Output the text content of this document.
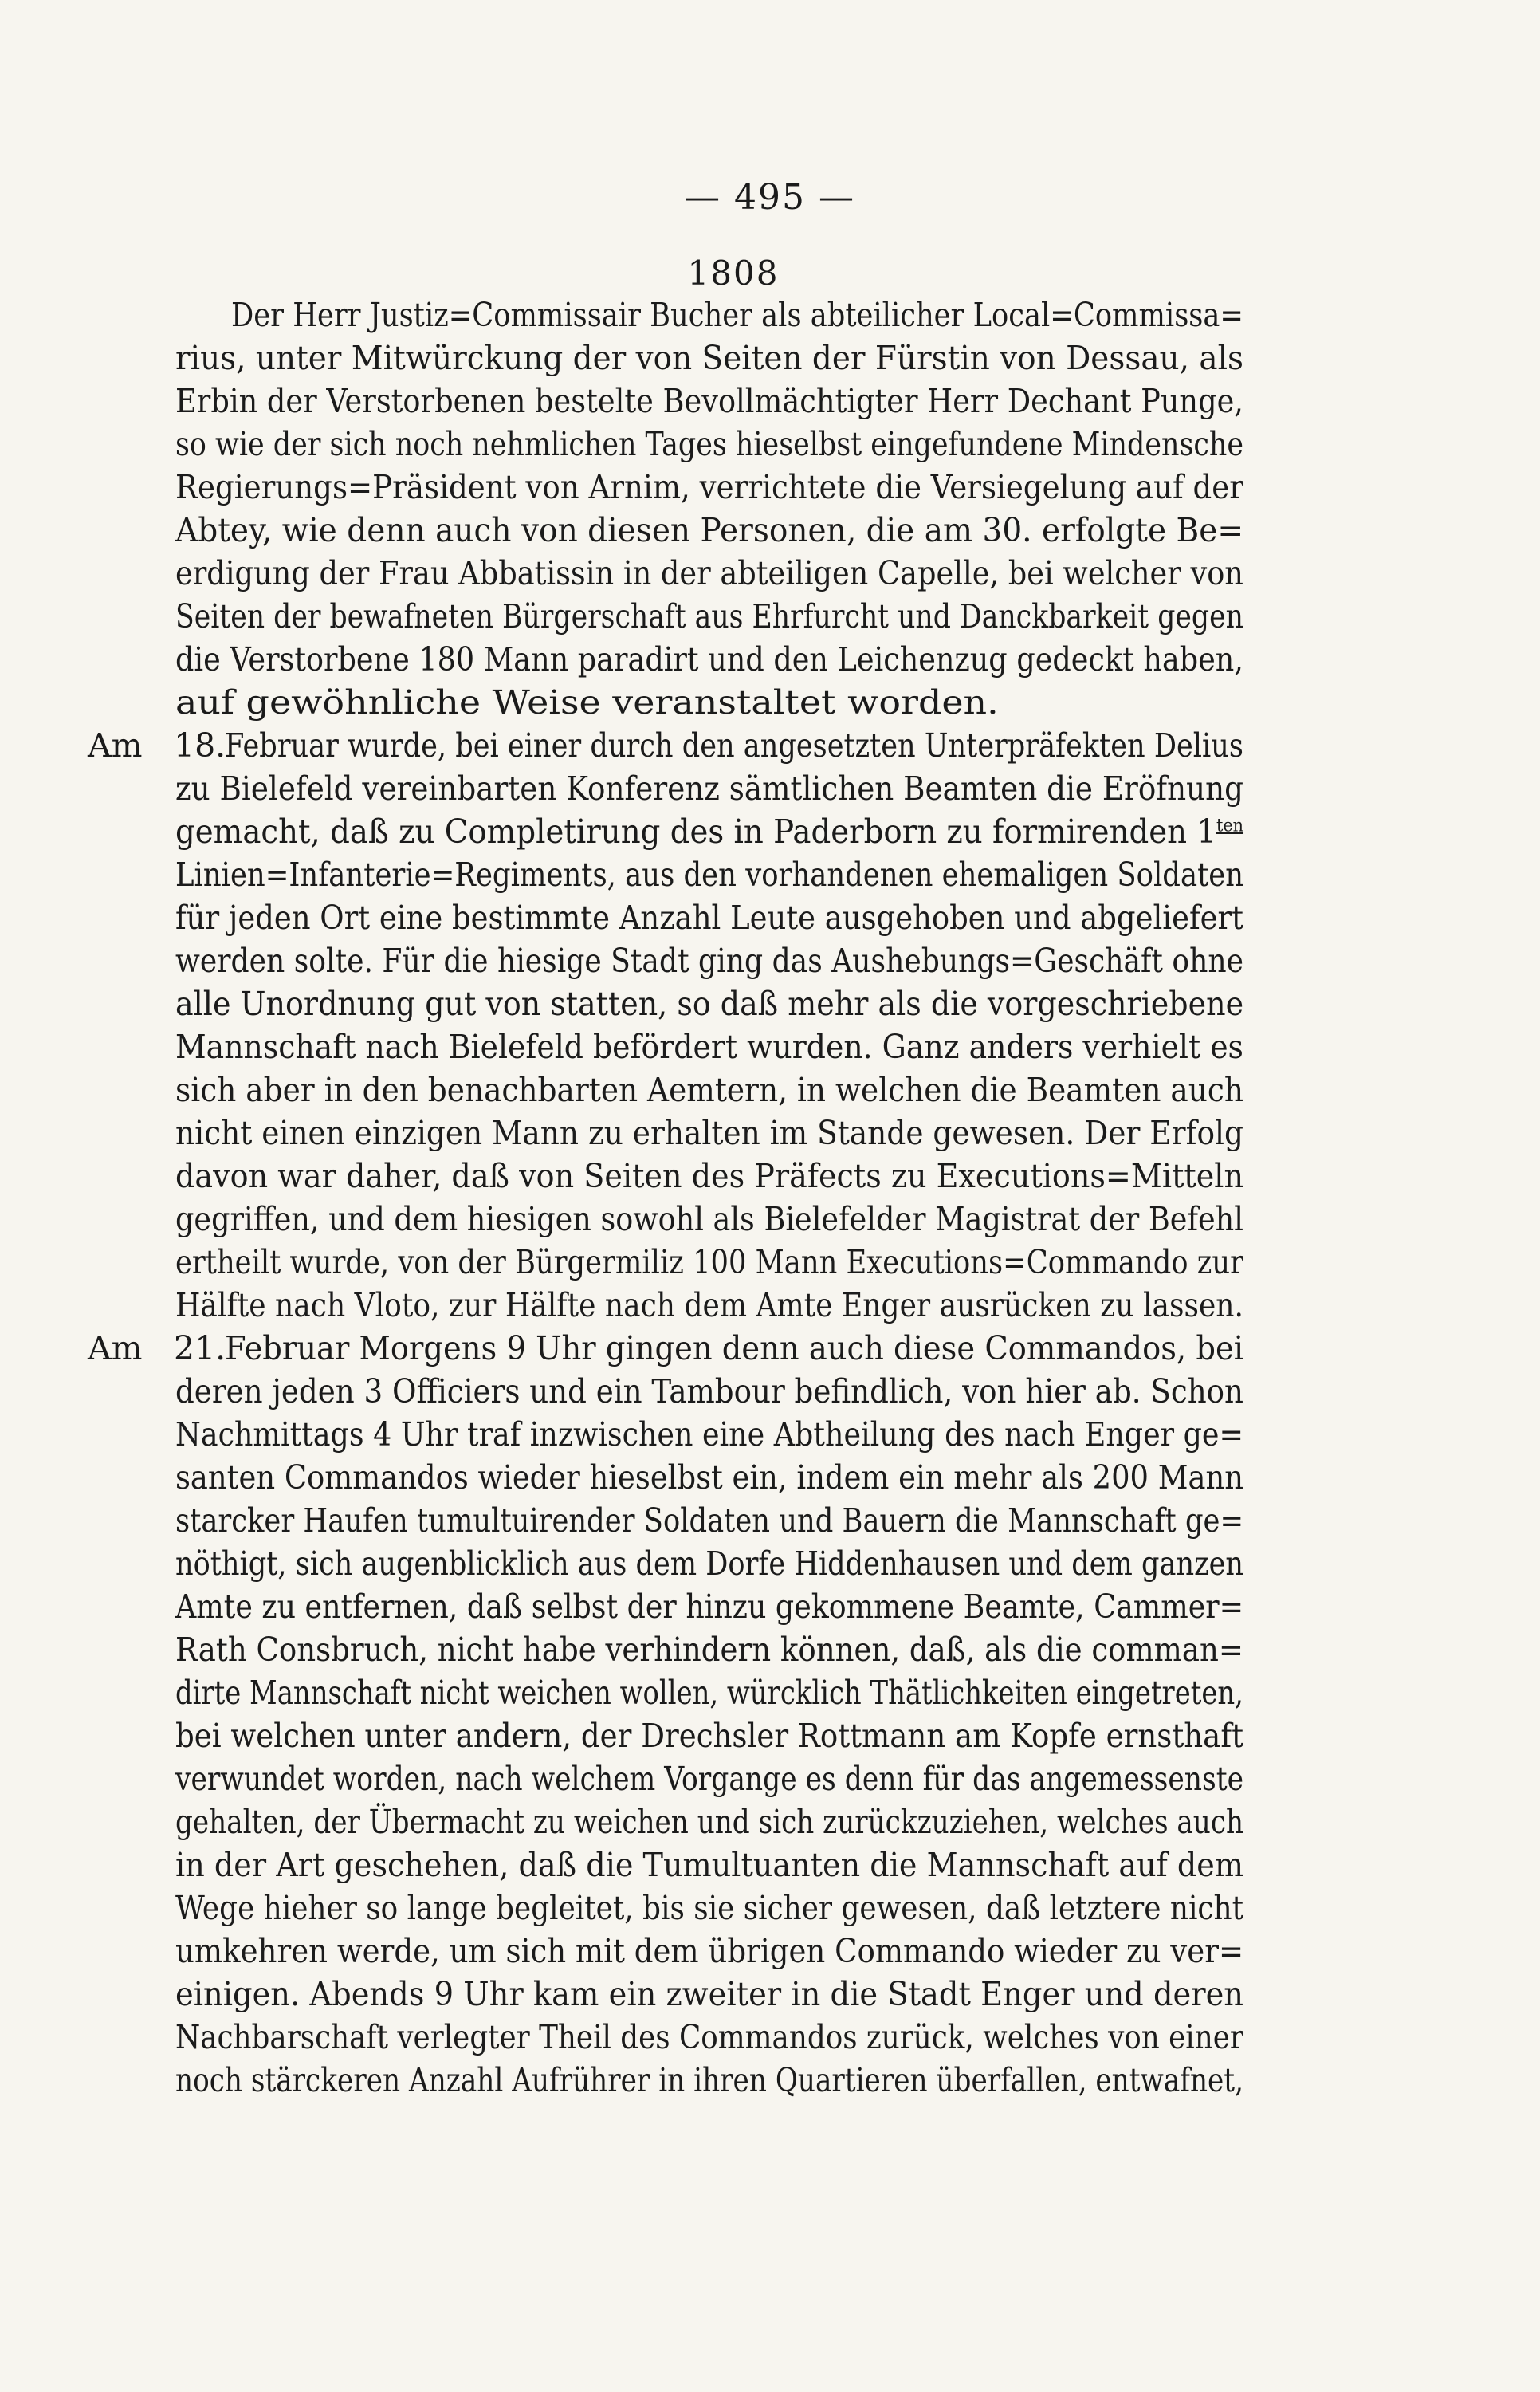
— 495 —
1808
Der Herr Justiz=Commissair Bucher als abteilicher Local=Commissa=
rius, unter Mitwürckung der von Seiten der Fürstin von Dessau, als
Erbin der Verstorbenen bestelte Bevollmächtigter Herr Dechant Punge,
so wie der sich noch nehmlichen Tages hieselbst eingefundene Mindensche
Regierungs=Präsident von Arnim, verrichtete die Versiegelung auf der
Abtey, wie denn auch von diesen Personen, die am 30. erfolgte Be=
erdigung der Frau Abbatissin in der abteiligen Capelle, bei welcher von
Seiten der bewafneten Bürgerschaft aus Ehrfurcht und Danckbarkeit gegen
die Verstorbene 180 Mann paradirt und den Leichenzug gedeckt haben,
auf gewöhnliche Weise veranstaltet worden.
Am 18.
Februar wurde, bei einer durch den angesetzten Unterpräfekten Delius
zu Bielefeld vereinbarten Konferenz sämtlichen Beamten die Eröfnung
gemacht, daß zu Completirung des in Paderborn zu formirenden $1^{ten}$
Linien=Infanterie=Regiments, aus den vorhandenen ehemaligen Soldaten
für jeden Ort eine bestimmte Anzahl Leute ausgehoben und abgeliefert
werden solte. Für die hiesige Stadt ging das Aushebungs=Geschäft ohne
alle Unordnung gut von statten, so daß mehr als die vorgeschriebene
Mannschaft nach Bielefeld befördert wurden. Ganz anders verhielt es
sich aber in den benachbarten Aemtern, in welchen die Beamten auch
nicht einen einzigen Mann zu erhalten im Stande gewesen. Der Erfolg
davon war daher, daß von Seiten des Präfects zu Executions=Mitteln
gegriffen, und dem hiesigen sowohl als Bielefelder Magistrat der Befehl
ertheilt wurde, von der Bürgermiliz 100 Mann Executions=Commando zur
Hälfte nach Vloto, zur Hälfte nach dem Amte Enger ausrücken zu lassen.
Am 21.
Februar Morgens 9 Uhr gingen denn auch diese Commandos, bei
deren jeden 3 Officiers und ein Tambour befindlich, von hier ab. Schon
Nachmittags 4 Uhr traf inzwischen eine Abtheilung des nach Enger ge=
santen Commandos wieder hieselbst ein, indem ein mehr als 200 Mann
starcker Haufen tumultuirender Soldaten und Bauern die Mannschaft ge=
nöthigt, sich augenblicklich aus dem Dorfe Hiddenhausen und dem ganzen
Amte zu entfernen, daß selbst der hinzu gekommene Beamte, Cammer=
Rath Consbruch, nicht habe verhindern können, daß, als die comman=
dirte Mannschaft nicht weichen wollen, würcklich Thätlichkeiten eingetreten,
bei welchen unter andern, der Drechsler Rottmann am Kopfe ernsthaft
verwundet worden, nach welchem Vorgange es denn für das angemessenste
gehalten, der Übermacht zu weichen und sich zurückzuziehen, welches auch
in der Art geschehen, daß die Tumultuanten die Mannschaft auf dem
Wege hieher so lange begleitet, bis sie sicher gewesen, daß letztere nicht
umkehren werde, um sich mit dem übrigen Commando wieder zu ver=
einigen. Abends 9 Uhr kam ein zweiter in die Stadt Enger und deren
Nachbarschaft verlegter Theil des Commandos zurück, welches von einer
noch stärckeren Anzahl Aufrührer in ihren Quartieren überfallen, entwafnet,
